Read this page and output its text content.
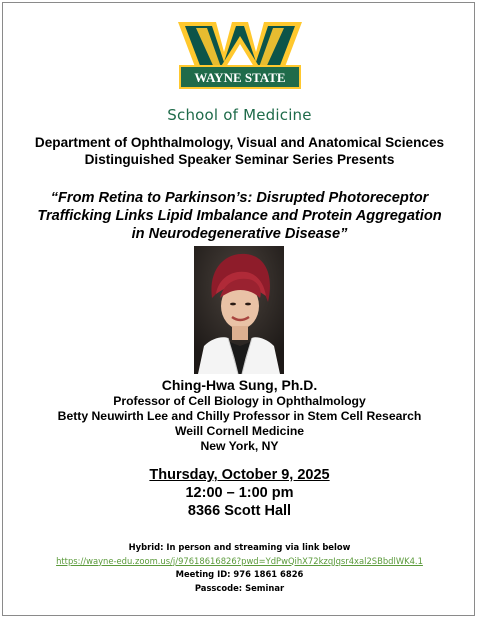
WAYNE STATE
School of Medicine
Department of Ophthalmology, Visual and Anatomical Sciences
Distinguished Speaker Seminar Series Presents
“From Retina to Parkinson’s: Disrupted Photoreceptor
Trafficking Links Lipid Imbalance and Protein Aggregation
in Neurodegenerative Disease”
Ching-Hwa Sung, Ph.D.
Professor of Cell Biology in Ophthalmology
Betty Neuwirth Lee and Chilly Professor in Stem Cell Research
Weill Cornell Medicine
New York, NY
Thursday, October 9, 2025
12:00 – 1:00 pm
8366 Scott Hall
Hybrid: In person and streaming via link below
https://wayne-edu.zoom.us/j/97618616826?pwd=YdPwQihX72kzqJqsr4xal2SBbdlWK4.1
Meeting ID: 976 1861 6826
Passcode: Seminar
